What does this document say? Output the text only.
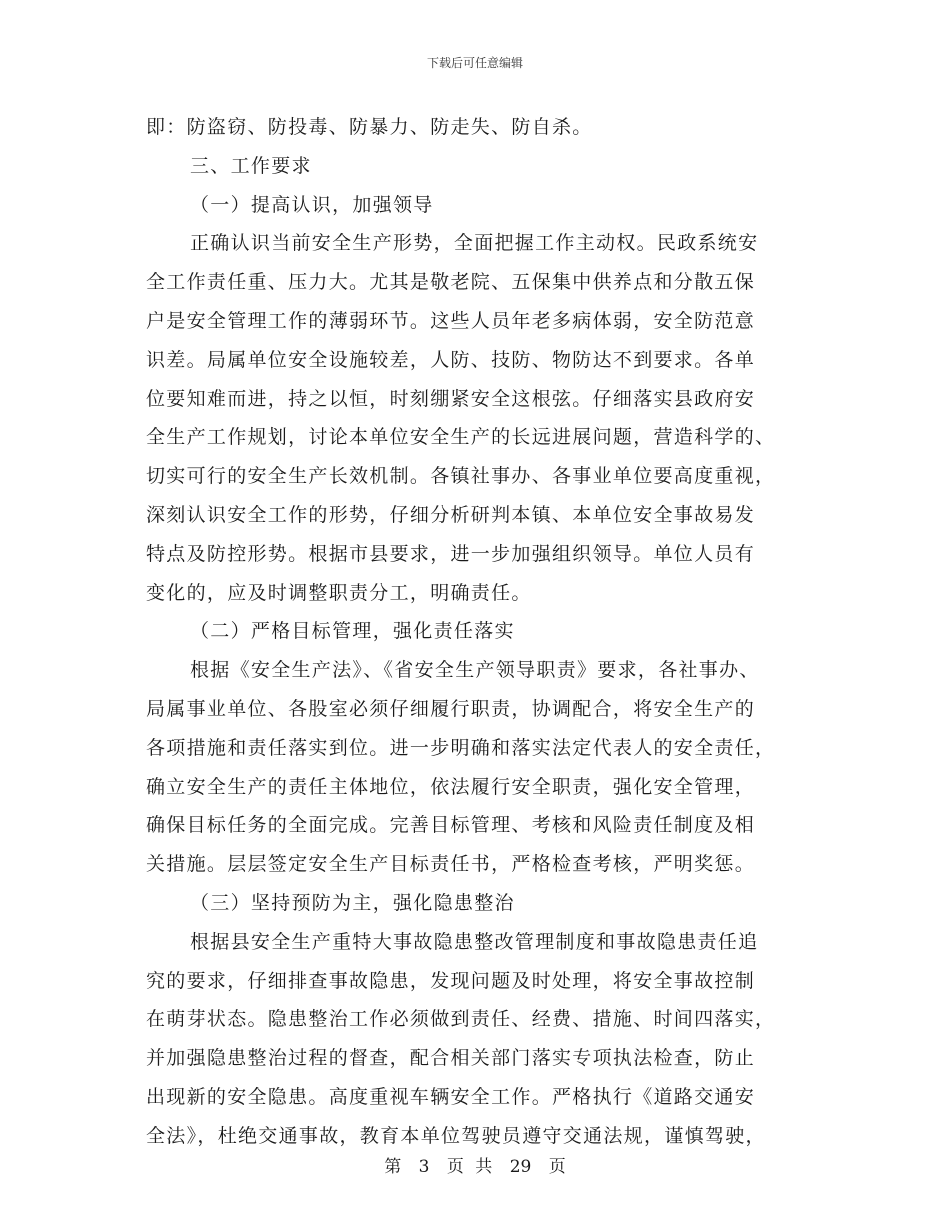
下载后可任意编辑
即：防盗窃、防投毒、防暴力、防走失、防自杀。
三、工作要求
（一）提高认识，加强领导
正确认识当前安全生产形势，全面把握工作主动权。民政系统安
全工作责任重、压力大。尤其是敬老院、五保集中供养点和分散五保
户是安全管理工作的薄弱环节。这些人员年老多病体弱，安全防范意
识差。局属单位安全设施较差，人防、技防、物防达不到要求。各单
位要知难而进，持之以恒，时刻绷紧安全这根弦。仔细落实县政府安
全生产工作规划，讨论本单位安全生产的长远进展问题，营造科学的、
切实可行的安全生产长效机制。各镇社事办、各事业单位要高度重视，
深刻认识安全工作的形势，仔细分析研判本镇、本单位安全事故易发
特点及防控形势。根据市县要求，进一步加强组织领导。单位人员有
变化的，应及时调整职责分工，明确责任。
（二）严格目标管理，强化责任落实
根据《安全生产法》、《省安全生产领导职责》要求，各社事办、
局属事业单位、各股室必须仔细履行职责，协调配合，将安全生产的
各项措施和责任落实到位。进一步明确和落实法定代表人的安全责任，
确立安全生产的责任主体地位，依法履行安全职责，强化安全管理，
确保目标任务的全面完成。完善目标管理、考核和风险责任制度及相
关措施。层层签定安全生产目标责任书，严格检查考核，严明奖惩。
（三）坚持预防为主，强化隐患整治
根据县安全生产重特大事故隐患整改管理制度和事故隐患责任追
究的要求，仔细排查事故隐患，发现问题及时处理，将安全事故控制
在萌芽状态。隐患整治工作必须做到责任、经费、措施、时间四落实，
并加强隐患整治过程的督查，配合相关部门落实专项执法检查，防止
出现新的安全隐患。高度重视车辆安全工作。严格执行《道路交通安
全法》，杜绝交通事故，教育本单位驾驶员遵守交通法规，谨慎驾驶，
第 3 页 共 29 页
